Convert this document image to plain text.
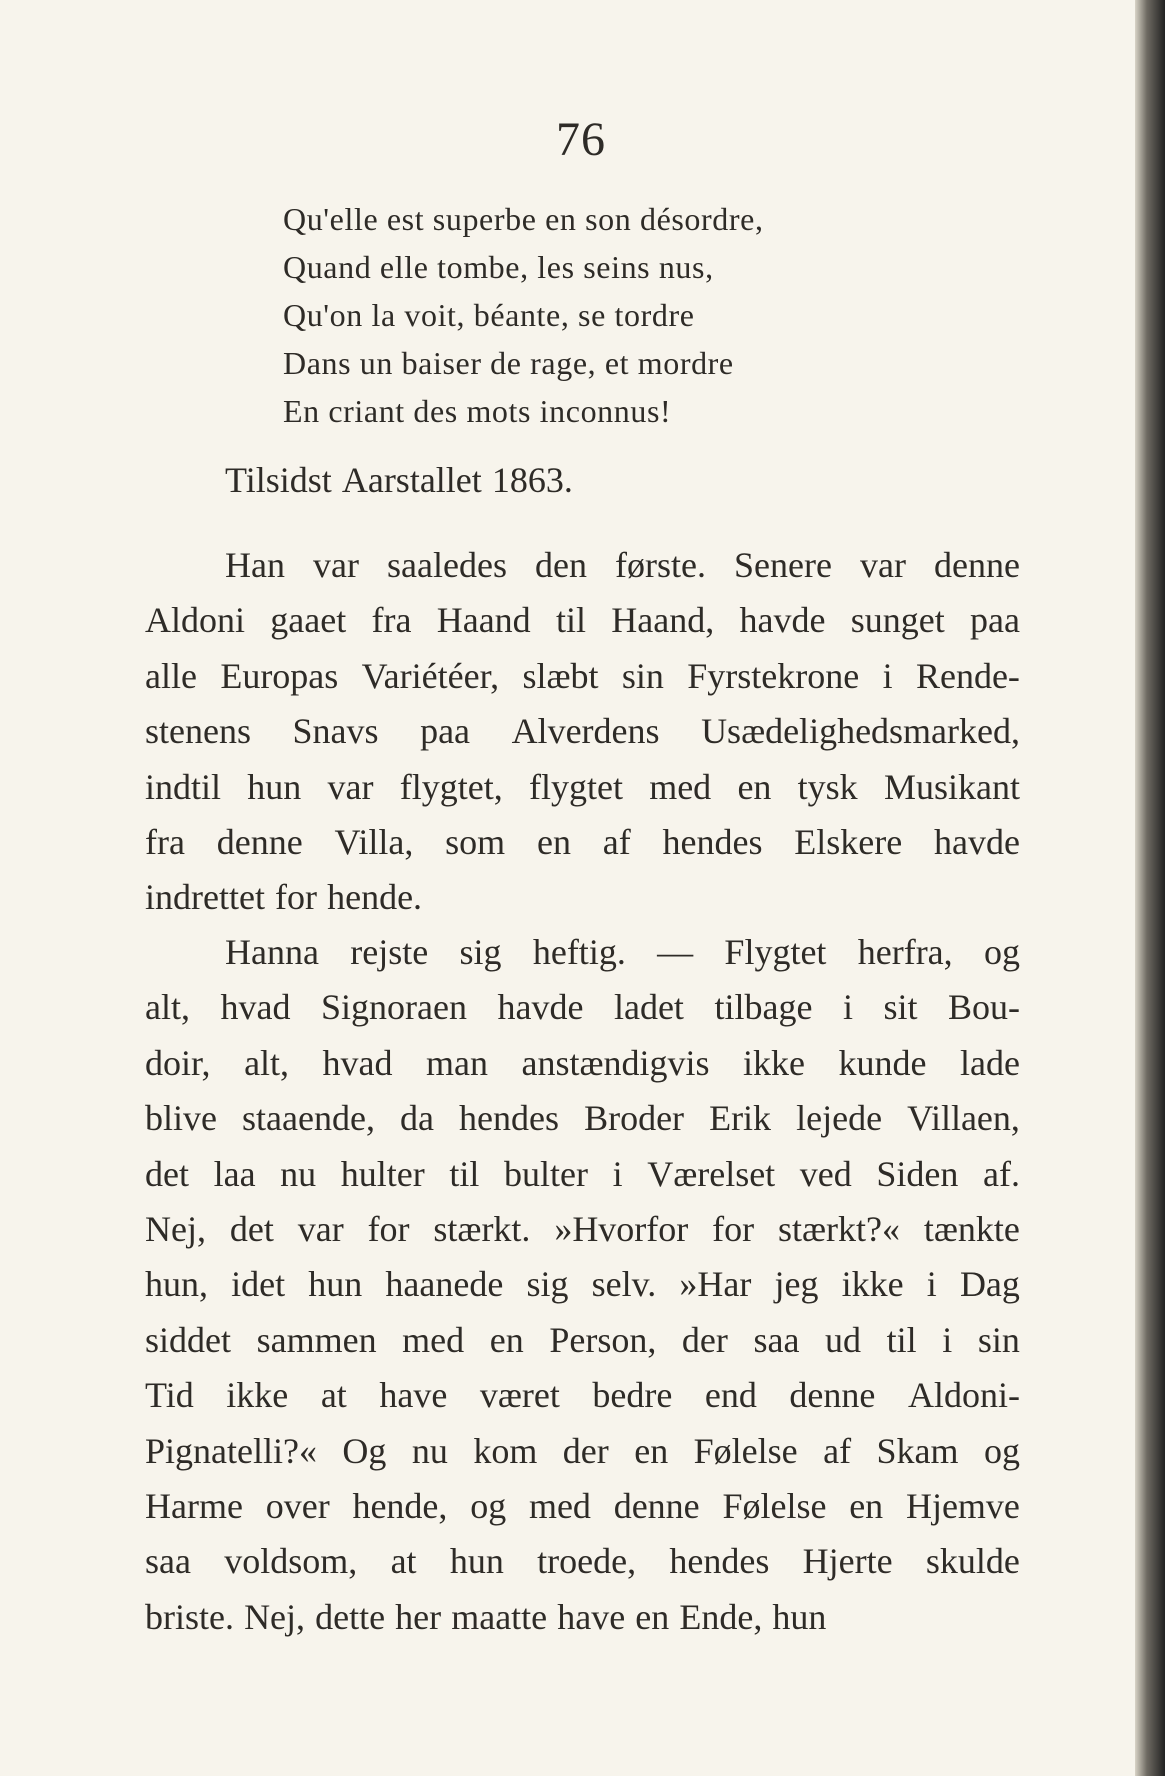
76
Qu'elle est superbe en son désordre,
Quand elle tombe, les seins nus,
Qu'on la voit, béante, se tordre
Dans un baiser de rage, et mordre
En criant des mots inconnus!
Tilsidst Aarstallet 1863.
Han var saaledes den første. Senere var denne
Aldoni gaaet fra Haand til Haand, havde sunget paa
alle Europas Variétéer, slæbt sin Fyrstekrone i Rende-
stenens Snavs paa Alverdens Usædelighedsmarked,
indtil hun var flygtet, flygtet med en tysk Musikant
fra denne Villa, som en af hendes Elskere havde
indrettet for hende.
Hanna rejste sig heftig. — Flygtet herfra, og
alt, hvad Signoraen havde ladet tilbage i sit Bou-
doir, alt, hvad man anstændigvis ikke kunde lade
blive staaende, da hendes Broder Erik lejede Villaen,
det laa nu hulter til bulter i Værelset ved Siden af.
Nej, det var for stærkt. »Hvorfor for stærkt?« tænkte
hun, idet hun haanede sig selv. »Har jeg ikke i Dag
siddet sammen med en Person, der saa ud til i sin
Tid ikke at have været bedre end denne Aldoni-
Pignatelli?« Og nu kom der en Følelse af Skam og
Harme over hende, og med denne Følelse en Hjemve
saa voldsom, at hun troede, hendes Hjerte skulde
briste. Nej, dette her maatte have en Ende, hun
